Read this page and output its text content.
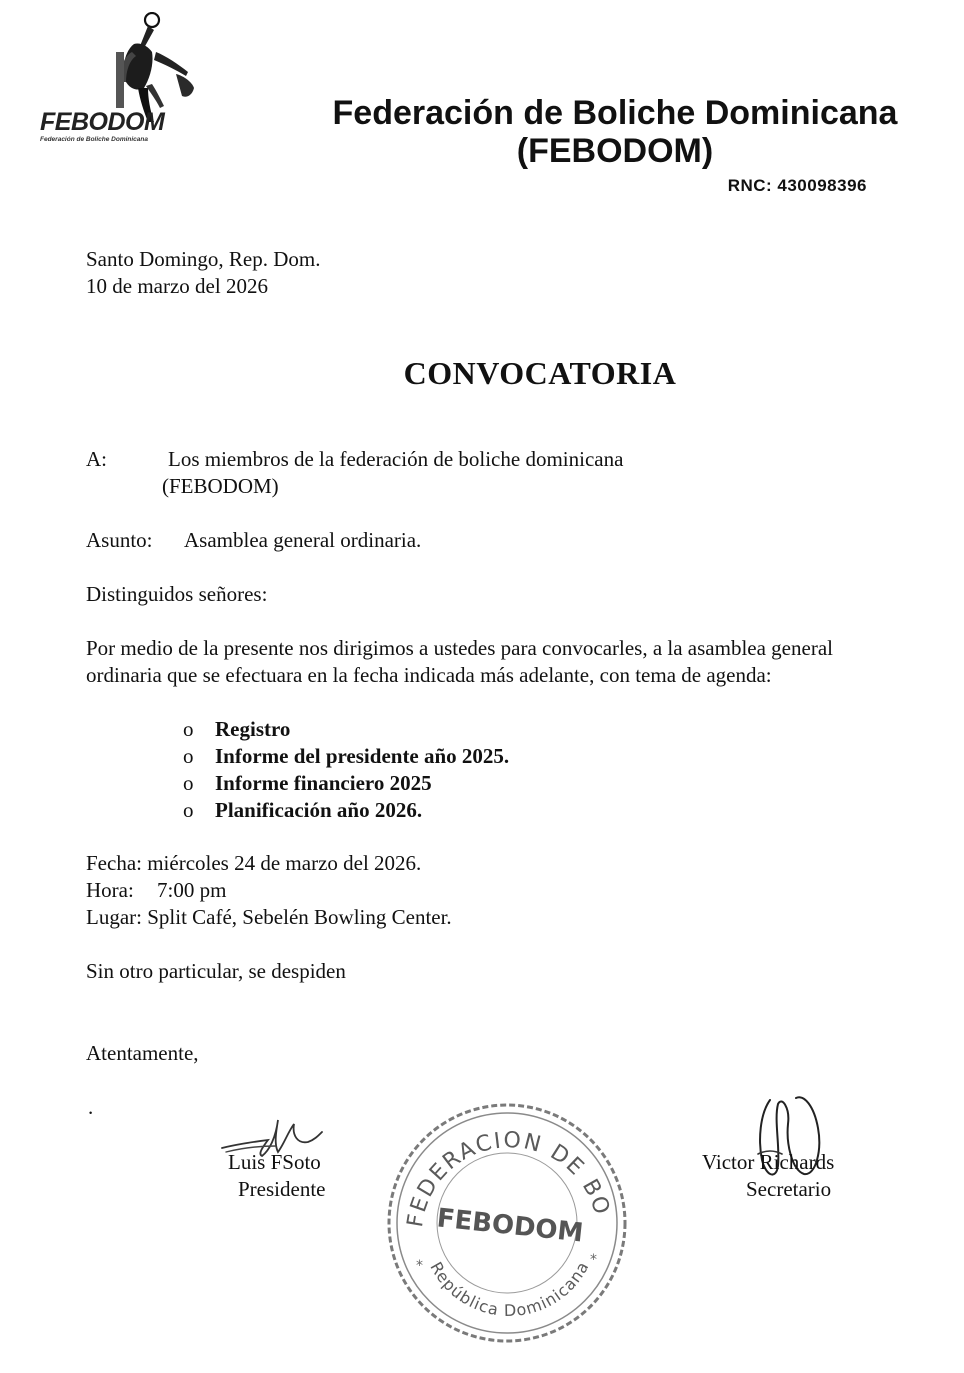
FEBODOM
Federación de Boliche Dominicana
Federación de Boliche Dominicana
(FEBODOM)
RNC: 430098396
Santo Domingo, Rep. Dom.
10 de marzo del 2026
CONVOCATORIA
A:	Los miembros de la federación de boliche dominicana
(FEBODOM)
Asunto: Asamblea general ordinaria.
Distinguidos señores:
Por medio de la presente nos dirigimos a ustedes para convocarles, a la asamblea general
ordinaria que se efectuara en la fecha indicada más adelante, con tema de agenda:
o	Registro
o	Informe del presidente año 2025.
o	Informe financiero 2025
o	Planificación año 2026.
Fecha: miércoles 24 de marzo del 2026.
Hora: 7:00 pm
Lugar: Split Café, Sebelén Bowling Center.
Sin otro particular, se despiden
Atentamente,
.
FEDERACION DE BO
FEBODOM
República Dominicana
*	*
Luis FSoto
Presidente
Victor Richards
Secretario
